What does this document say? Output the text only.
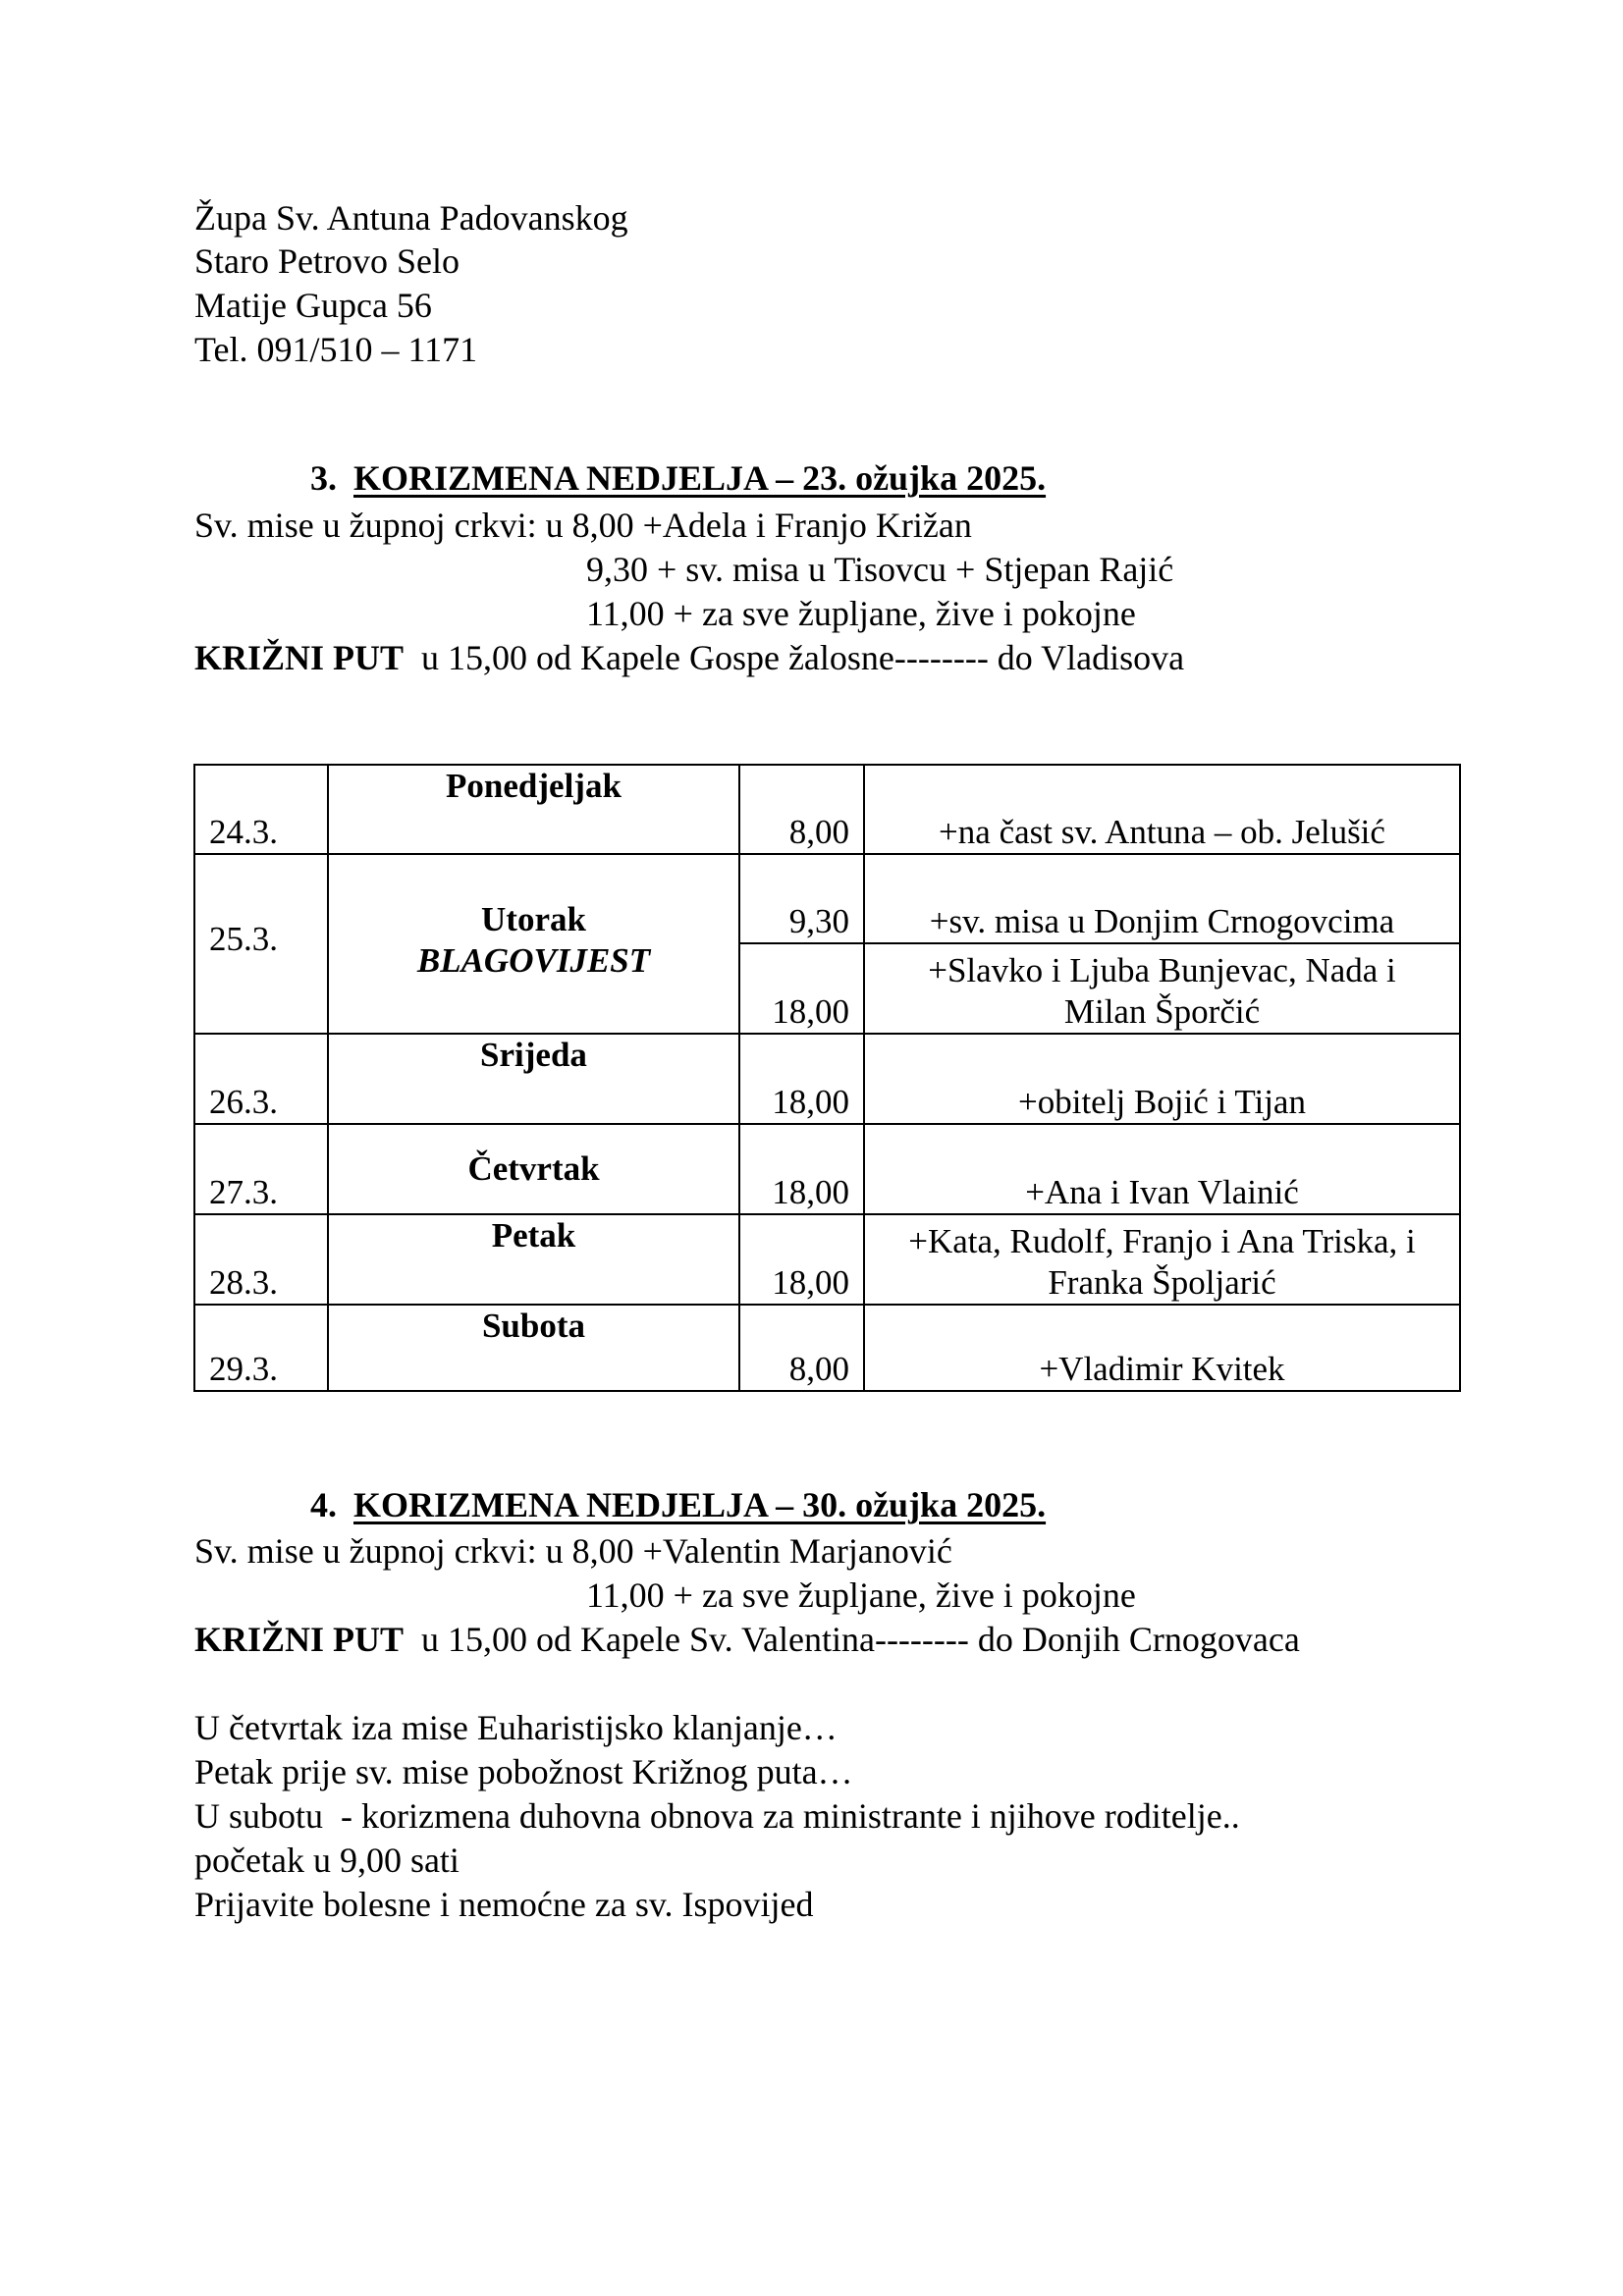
Župa Sv. Antuna Padovanskog
Staro Petrovo Selo
Matije Gupca 56
Tel. 091/510 – 1171

3. KORIZMENA NEDJELJA – 23. ožujka 2025.

Sv. mise u župnoj crkvi: u 8,00 +Adela i Franjo Križan
9,30 + sv. misa u Tisovcu + Stjepan Rajić
11,00 + za sve župljane, žive i pokojne
KRIŽNI PUT  u 15,00 od Kapele Gospe žalosne-------- do Vladisova
24.3.	Ponedjeljak	8,00	+na čast sv. Antuna – ob. Jelušić
25.3.	Utorak
BLAGOVIJEST	9,30	+sv. misa u Donjim Crnogovcima
		18,00	+Slavko i Ljuba Bunjevac, Nada i Milan Šporčić
26.3.	Srijeda	18,00	+obitelj Bojić i Tijan
27.3.	Četvrtak	18,00	+Ana i Ivan Vlainić
28.3.	Petak	18,00	+Kata, Rudolf, Franjo i Ana Triska, i Franka Špoljarić
29.3.	Subota	8,00	+Vladimir Kvitek

4. KORIZMENA NEDJELJA – 30. ožujka 2025.

Sv. mise u župnoj crkvi: u 8,00 +Valentin Marjanović
11,00 + za sve župljane, žive i pokojne
KRIŽNI PUT  u 15,00 od Kapele Sv. Valentina-------- do Donjih Crnogovaca
U četvrtak iza mise Euharistijsko klanjanje…
Petak prije sv. mise pobožnost Križnog puta…
U subotu  - korizmena duhovna obnova za ministrante i njihove roditelje..
početak u 9,00 sati
Prijavite bolesne i nemoćne za sv. Ispovijed
